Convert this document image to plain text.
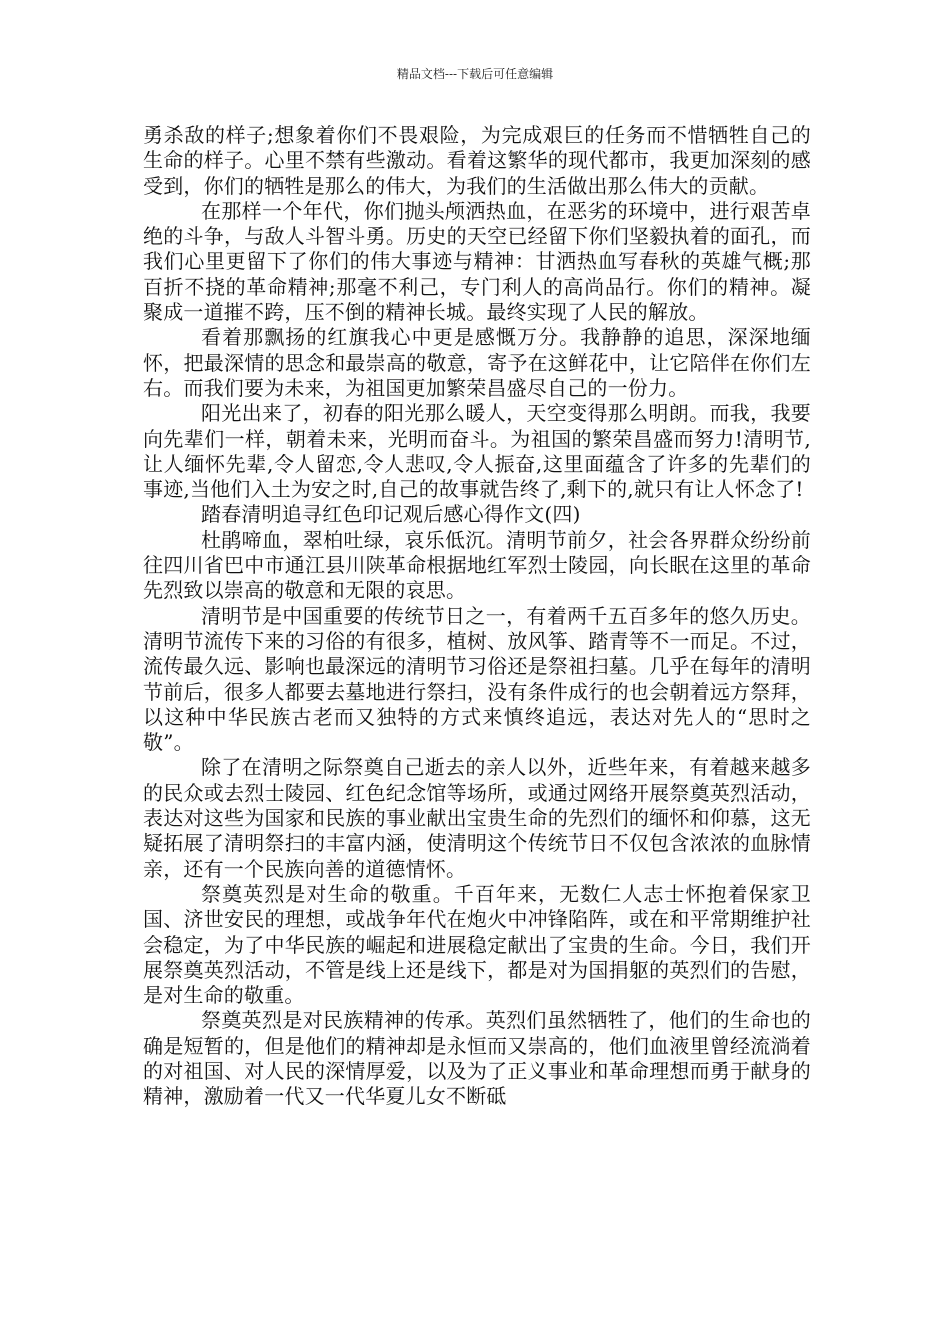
精品文档---下载后可任意编辑

勇杀敌的样子;想象着你们不畏艰险，为完成艰巨的任务而不惜牺牲自己的生命的样子。心里不禁有些激动。看着这繁华的现代都市，我更加深刻的感受到，你们的牺牲是那么的伟大，为我们的生活做出那么伟大的贡献。

在那样一个年代，你们抛头颅洒热血，在恶劣的环境中，进行艰苦卓绝的斗争，与敌人斗智斗勇。历史的天空已经留下你们坚毅执着的面孔，而我们心里更留下了你们的伟大事迹与精神：甘洒热血写春秋的英雄气概;那百折不挠的革命精神;那毫不利己，专门利人的高尚品行。你们的精神。凝聚成一道摧不跨，压不倒的精神长城。最终实现了人民的解放。

看着那飘扬的红旗我心中更是感慨万分。我静静的追思，深深地缅怀，把最深情的思念和最崇高的敬意，寄予在这鲜花中，让它陪伴在你们左右。而我们要为未来，为祖国更加繁荣昌盛尽自己的一份力。

阳光出来了，初春的阳光那么暖人，天空变得那么明朗。而我，我要向先辈们一样，朝着未来，光明而奋斗。为祖国的繁荣昌盛而努力!清明节,让人缅怀先辈,令人留恋,令人悲叹,令人振奋,这里面蕴含了许多的先辈们的事迹,当他们入土为安之时,自己的故事就告终了,剩下的,就只有让人怀念了!

踏春清明追寻红色印记观后感心得作文(四)

杜鹃啼血，翠柏吐绿，哀乐低沉。清明节前夕，社会各界群众纷纷前往四川省巴中市通江县川陕革命根据地红军烈士陵园，向长眠在这里的革命先烈致以崇高的敬意和无限的哀思。

清明节是中国重要的传统节日之一，有着两千五百多年的悠久历史。清明节流传下来的习俗的有很多，植树、放风筝、踏青等不一而足。不过，流传最久远、影响也最深远的清明节习俗还是祭祖扫墓。几乎在每年的清明节前后，很多人都要去墓地进行祭扫，没有条件成行的也会朝着远方祭拜，以这种中华民族古老而又独特的方式来慎终追远，表达对先人的“思时之敬”。

除了在清明之际祭奠自己逝去的亲人以外，近些年来，有着越来越多的民众或去烈士陵园、红色纪念馆等场所，或通过网络开展祭奠英烈活动，表达对这些为国家和民族的事业献出宝贵生命的先烈们的缅怀和仰慕，这无疑拓展了清明祭扫的丰富内涵，使清明这个传统节日不仅包含浓浓的血脉情亲，还有一个民族向善的道德情怀。

祭奠英烈是对生命的敬重。千百年来，无数仁人志士怀抱着保家卫国、济世安民的理想，或战争年代在炮火中冲锋陷阵，或在和平常期维护社会稳定，为了中华民族的崛起和进展稳定献出了宝贵的生命。今日，我们开展祭奠英烈活动，不管是线上还是线下，都是对为国捐躯的英烈们的告慰，是对生命的敬重。

祭奠英烈是对民族精神的传承。英烈们虽然牺牲了，他们的生命也的确是短暂的，但是他们的精神却是永恒而又崇高的，他们血液里曾经流淌着的对祖国、对人民的深情厚爱，以及为了正义事业和革命理想而勇于献身的精神，激励着一代又一代华夏儿女不断砥
